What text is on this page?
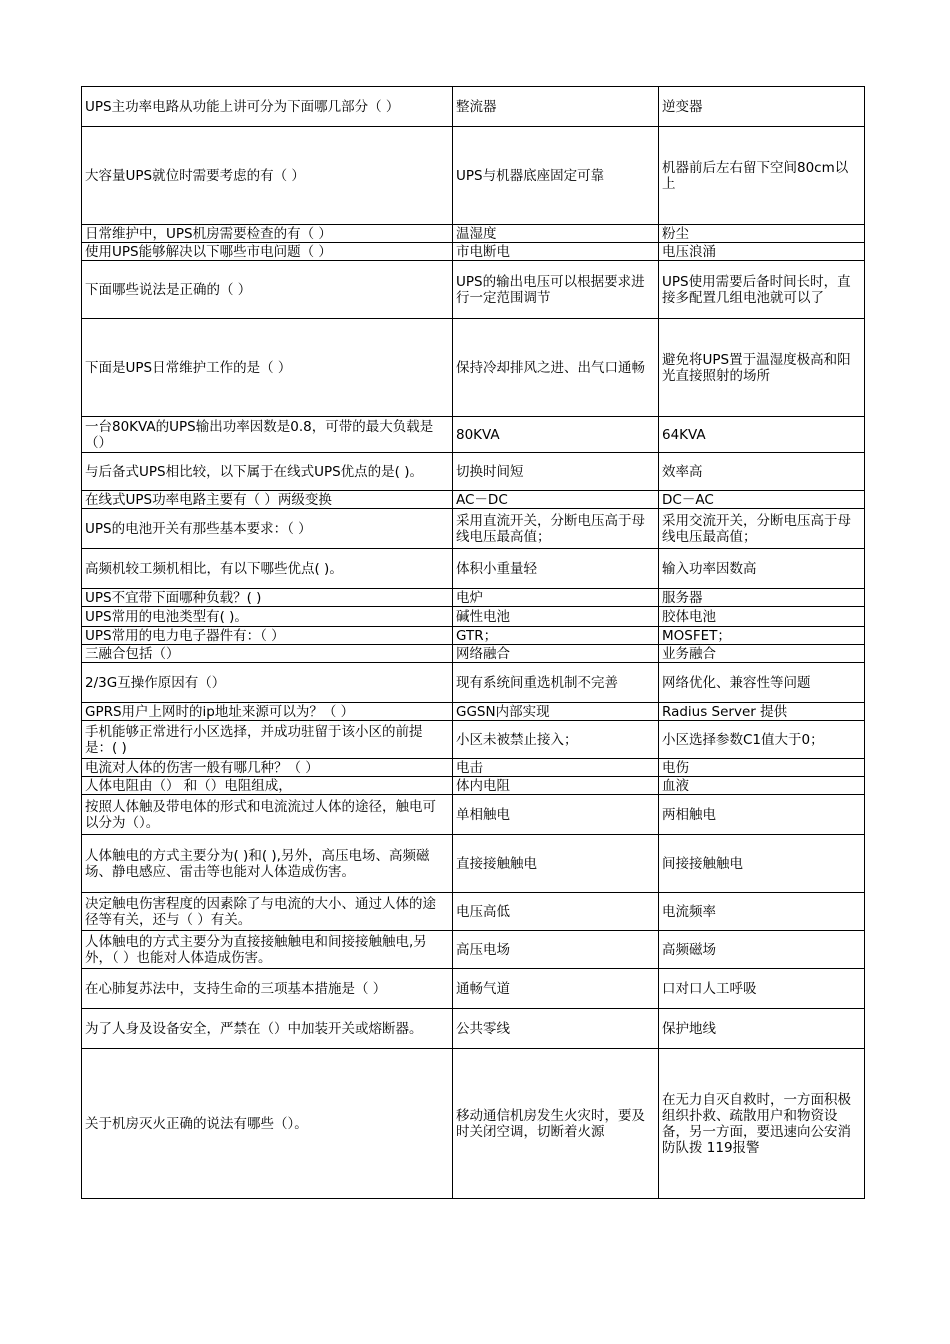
UPS主功率电路从功能上讲可分为下面哪几部分（ ）	整流器	逆变器
大容量UPS就位时需要考虑的有（ ）	UPS与机器底座固定可靠	机器前后左右留下空间80cm以上
日常维护中，UPS机房需要检查的有（ ）	温湿度	粉尘
使用UPS能够解决以下哪些市电问题（ ）	市电断电	电压浪涌
下面哪些说法是正确的（ ）	UPS的输出电压可以根据要求进行一定范围调节	UPS使用需要后备时间长时，直接多配置几组电池就可以了
下面是UPS日常维护工作的是（ ）	保持冷却排风之进、出气口通畅	避免将UPS置于温湿度极高和阳光直接照射的场所
一台80KVA的UPS输出功率因数是0.8，可带的最大负载是（）	80KVA	64KVA
与后备式UPS相比较，以下属于在线式UPS优点的是( )。	切换时间短	效率高
在线式UPS功率电路主要有（ ）两级变换	AC－DC	DC－AC
UPS的电池开关有那些基本要求：（ ）	采用直流开关，分断电压高于母线电压最高值；	采用交流开关，分断电压高于母线电压最高值；
高频机较工频机相比，有以下哪些优点( )。	体积小重量轻	输入功率因数高
UPS不宜带下面哪种负载？( )	电炉	服务器
UPS常用的电池类型有( )。	碱性电池	胶体电池
UPS常用的电力电子器件有：（ ）	GTR；	MOSFET；
三融合包括（）	网络融合	业务融合
2/3G互操作原因有（）	现有系统间重选机制不完善	网络优化、兼容性等问题
GPRS用户上网时的ip地址来源可以为？（ ）	GGSN内部实现	Radius Server 提供
手机能够正常进行小区选择，并成功驻留于该小区的前提是：( )	小区未被禁止接入；	小区选择参数C1值大于0；
电流对人体的伤害一般有哪几种？（ ）	电击	电伤
人体电阻由（） 和（）电阻组成，	体内电阻	血液
按照人体触及带电体的形式和电流流过人体的途径，触电可以分为（）。	单相触电	两相触电
人体触电的方式主要分为( )和( ),另外，高压电场、高频磁场、静电感应、雷击等也能对人体造成伤害。	直接接触触电	间接接触触电
决定触电伤害程度的因素除了与电流的大小、通过人体的途径等有关，还与（ ）有关。	电压高低	电流频率
人体触电的方式主要分为直接接触触电和间接接触触电,另外，（ ）也能对人体造成伤害。	高压电场	高频磁场
在心肺复苏法中，支持生命的三项基本措施是（ ）	通畅气道	口对口人工呼吸
为了人身及设备安全，严禁在（）中加装开关或熔断器。	公共零线	保护地线
关于机房灭火正确的说法有哪些（）。	移动通信机房发生火灾时，要及时关闭空调，切断着火源	在无力自灭自救时，一方面积极组织扑救、疏散用户和物资设备，另一方面，要迅速向公安消防队拨 119报警
